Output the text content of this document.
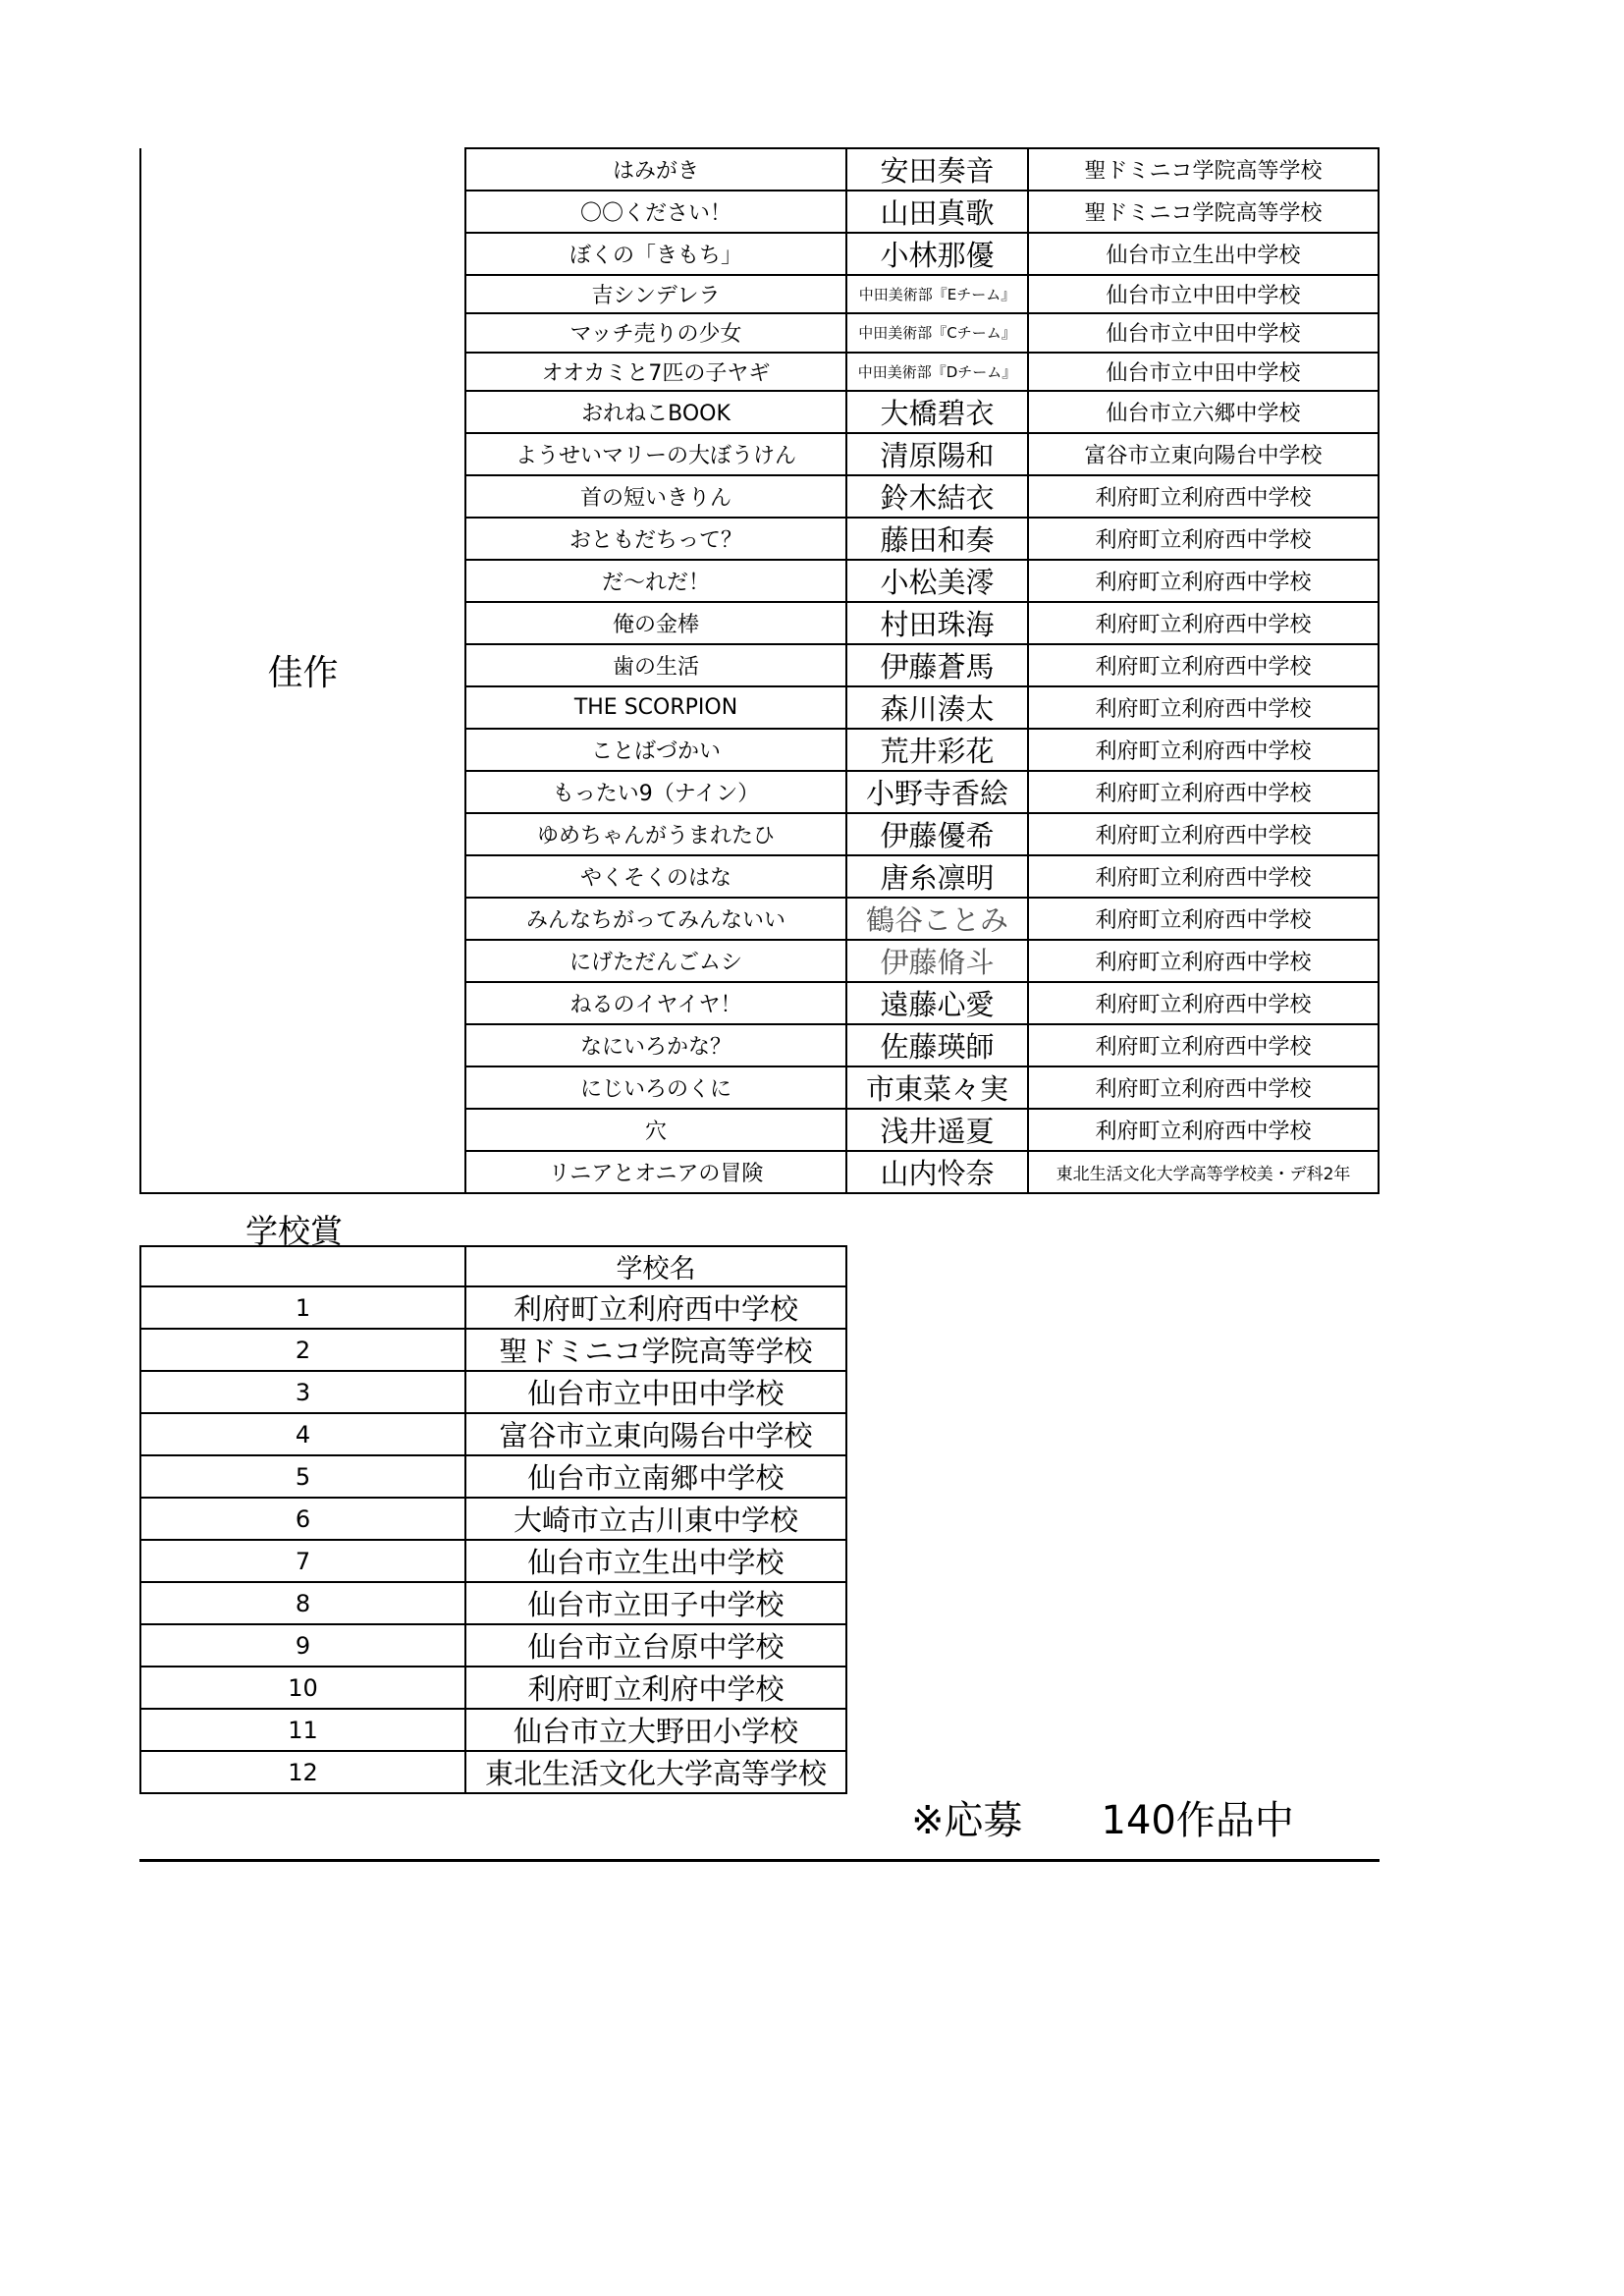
佳作	はみがき	安田奏音	聖ドミニコ学院高等学校
	〇〇ください！	山田真歌	聖ドミニコ学院高等学校
	ぼくの「きもち」	小林那優	仙台市立生出中学校
	吉シンデレラ	中田美術部『Eチーム』	仙台市立中田中学校
	マッチ売りの少女	中田美術部『Cチーム』	仙台市立中田中学校
	オオカミと7匹の子ヤギ	中田美術部『Dチーム』	仙台市立中田中学校
	おれねこBOOK	大橋碧衣	仙台市立六郷中学校
	ようせいマリーの大ぼうけん	清原陽和	富谷市立東向陽台中学校
	首の短いきりん	鈴木結衣	利府町立利府西中学校
	おともだちって？	藤田和奏	利府町立利府西中学校
	だ～れだ！	小松美澪	利府町立利府西中学校
	俺の金棒	村田珠海	利府町立利府西中学校
	歯の生活	伊藤蒼馬	利府町立利府西中学校
	THE SCORPION	森川湊太	利府町立利府西中学校
	ことばづかい	荒井彩花	利府町立利府西中学校
	もったい9（ナイン）	小野寺香絵	利府町立利府西中学校
	ゆめちゃんがうまれたひ	伊藤優希	利府町立利府西中学校
	やくそくのはな	唐糸凛明	利府町立利府西中学校
	みんなちがってみんないい	鶴谷ことみ	利府町立利府西中学校
	にげただんごムシ	伊藤脩斗	利府町立利府西中学校
	ねるのイヤイヤ！	遠藤心愛	利府町立利府西中学校
	なにいろかな？	佐藤瑛師	利府町立利府西中学校
	にじいろのくに	市東菜々実	利府町立利府西中学校
	穴	浅井遥夏	利府町立利府西中学校
	リニアとオニアの冒険	山内怜奈	東北生活文化大学高等学校美・デ科2年
学校賞
	学校名
1	利府町立利府西中学校
2	聖ドミニコ学院高等学校
3	仙台市立中田中学校
4	富谷市立東向陽台中学校
5	仙台市立南郷中学校
6	大崎市立古川東中学校
7	仙台市立生出中学校
8	仙台市立田子中学校
9	仙台市立台原中学校
10	利府町立利府中学校
11	仙台市立大野田小学校
12	東北生活文化大学高等学校
※応募　　140作品中
